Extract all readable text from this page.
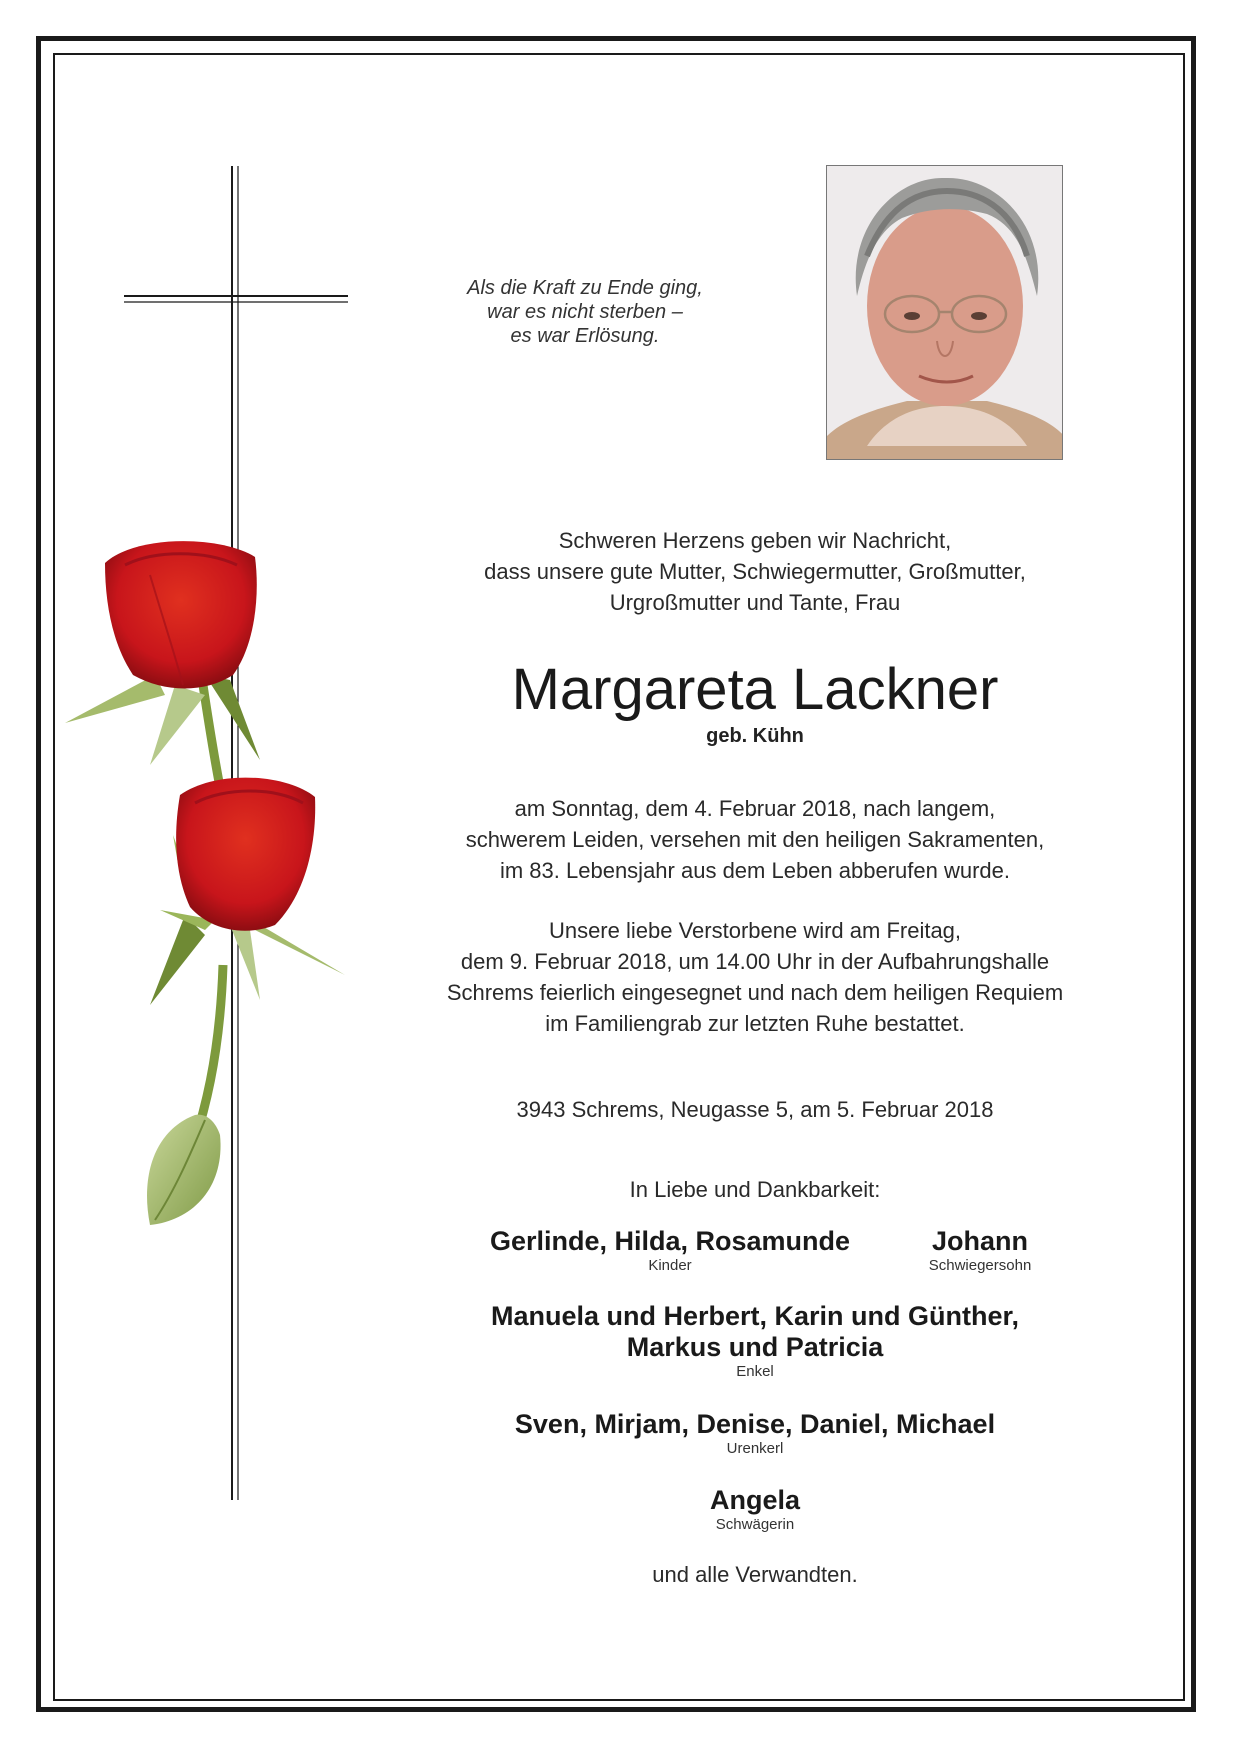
Als die Kraft zu Ende ging,
war es nicht sterben –
es war Erlösung.
Schweren Herzens geben wir Nachricht,
dass unsere gute Mutter, Schwiegermutter, Großmutter,
Urgroßmutter und Tante, Frau
Margareta Lackner
geb. Kühn
am Sonntag, dem 4. Februar 2018, nach langem,
schwerem Leiden, versehen mit den heiligen Sakramenten,
im 83. Lebensjahr aus dem Leben abberufen wurde.
Unsere liebe Verstorbene wird am Freitag,
dem 9. Februar 2018, um 14.00 Uhr in der Aufbahrungshalle
Schrems feierlich eingesegnet und nach dem heiligen Requiem
im Familiengrab zur letzten Ruhe bestattet.
3943 Schrems, Neugasse 5, am 5. Februar 2018
In Liebe und Dankbarkeit:
Gerlinde, Hilda, Rosamunde
Kinder
Johann
Schwiegersohn
Manuela und Herbert, Karin und Günther,
Markus und Patricia
Enkel
Sven, Mirjam, Denise, Daniel, Michael
Urenkerl
Angela
Schwägerin
und alle Verwandten.
